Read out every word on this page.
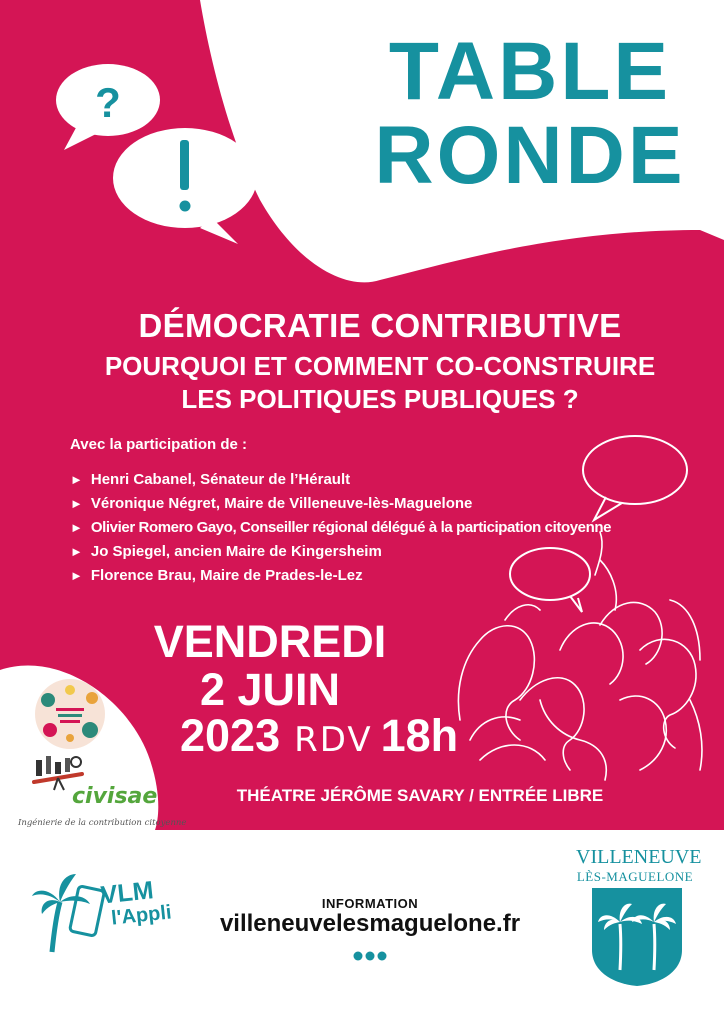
?	TABLE
RONDE
DÉMOCRATIE CONTRIBUTIVE
POURQUOI ET COMMENT CO-CONSTRUIRE
LES POLITIQUES PUBLIQUES ?
Avec la participation de :
► Henri Cabanel, Sénateur de l’Hérault
► Véronique Négret, Maire de Villeneuve-lès-Maguelone
► Olivier Romero Gayo, Conseiller régional délégué à la participation citoyenne
► Jo Spiegel, ancien Maire de Kingersheim
► Florence Brau, Maire de Prades-le-Lez
VENDREDI
2 JUIN
2023 RDV 18h
THÉATRE JÉRÔME SAVARY / ENTRÉE LIBRE
civisae
Ingénierie de la contribution citoyenne
VLM
l'Appli	INFORMATION
villeneuvelesmaguelone.fr
VILLENEUVE
LÈS-MAGUELONE
